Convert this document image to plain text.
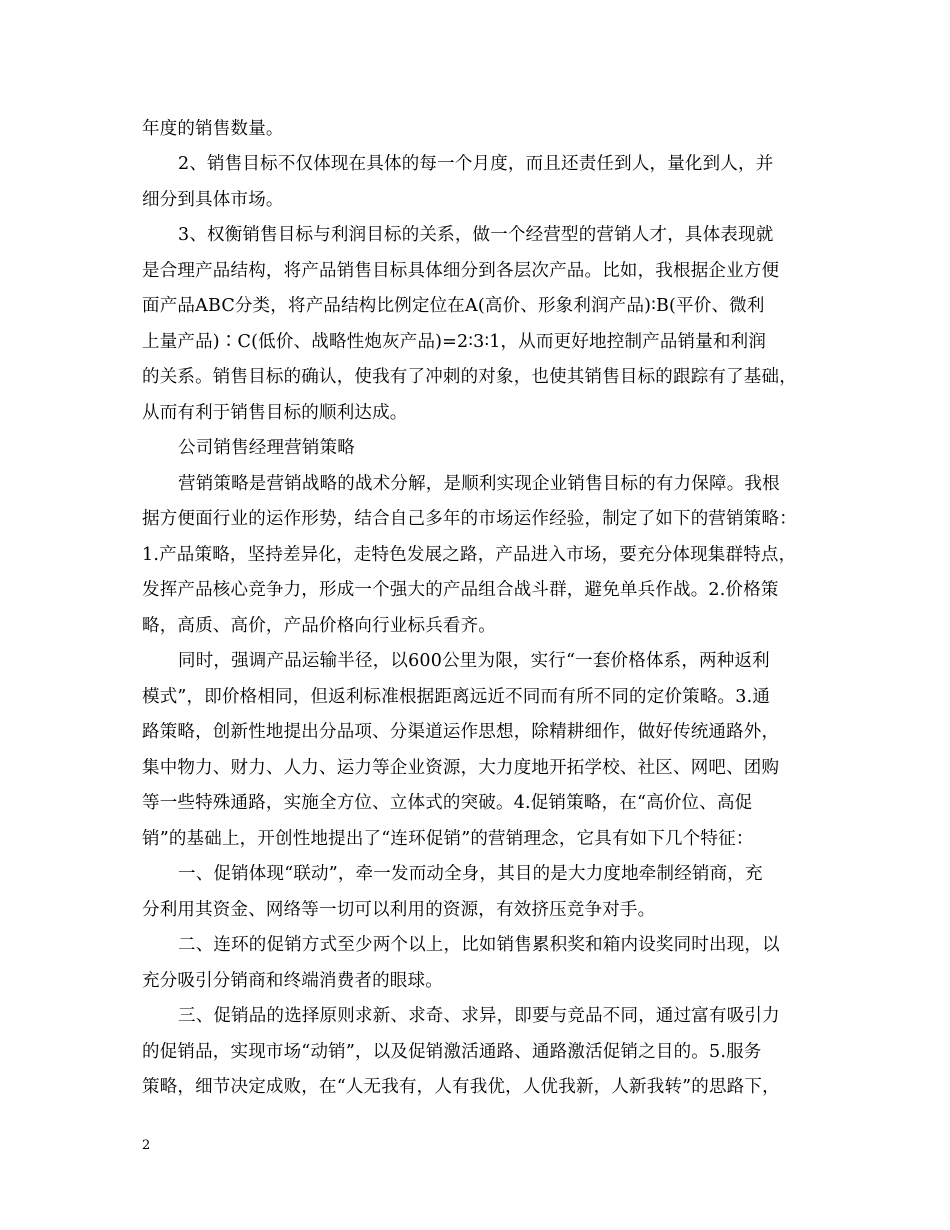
年度的销售数量。
2、销售目标不仅体现在具体的每一个月度，而且还责任到人，量化到人，并
细分到具体市场。
3、权衡销售目标与利润目标的关系，做一个经营型的营销人才，具体表现就
是合理产品结构，将产品销售目标具体细分到各层次产品。比如，我根据企业方便
面产品ABC分类，将产品结构比例定位在A(高价、形象利润产品)∶B(平价、微利
上量产品)∶C(低价、战略性炮灰产品)=2∶3∶1，从而更好地控制产品销量和利润
的关系。销售目标的确认，使我有了冲刺的对象，也使其销售目标的跟踪有了基础，
从而有利于销售目标的顺利达成。
公司销售经理营销策略
营销策略是营销战略的战术分解，是顺利实现企业销售目标的有力保障。我根
据方便面行业的运作形势，结合自己多年的市场运作经验，制定了如下的营销策略：
1.产品策略，坚持差异化，走特色发展之路，产品进入市场，要充分体现集群特点，
发挥产品核心竞争力，形成一个强大的产品组合战斗群，避免单兵作战。2.价格策
略，高质、高价，产品价格向行业标兵看齐。
同时，强调产品运输半径，以600公里为限，实行“一套价格体系，两种返利
模式”，即价格相同，但返利标准根据距离远近不同而有所不同的定价策略。3.通
路策略，创新性地提出分品项、分渠道运作思想，除精耕细作，做好传统通路外，
集中物力、财力、人力、运力等企业资源，大力度地开拓学校、社区、网吧、团购
等一些特殊通路，实施全方位、立体式的突破。4.促销策略，在“高价位、高促
销”的基础上，开创性地提出了“连环促销”的营销理念，它具有如下几个特征：
一、促销体现“联动”，牵一发而动全身，其目的是大力度地牵制经销商，充
分利用其资金、网络等一切可以利用的资源，有效挤压竞争对手。
二、连环的促销方式至少两个以上，比如销售累积奖和箱内设奖同时出现，以
充分吸引分销商和终端消费者的眼球。
三、促销品的选择原则求新、求奇、求异，即要与竞品不同，通过富有吸引力
的促销品，实现市场“动销”，以及促销激活通路、通路激活促销之目的。5.服务
策略，细节决定成败，在“人无我有，人有我优，人优我新，人新我转”的思路下，
2
